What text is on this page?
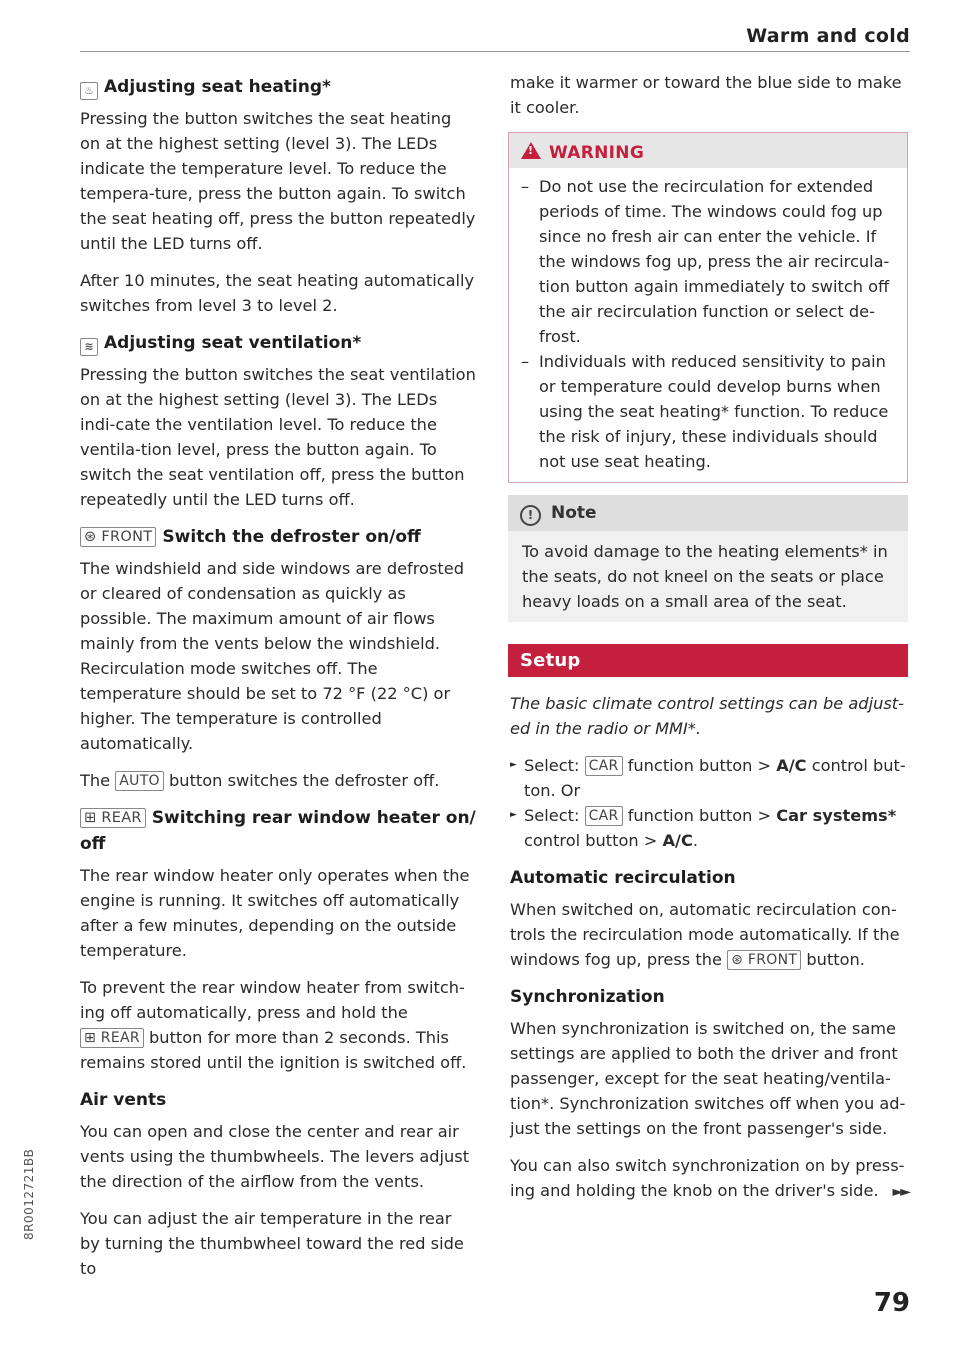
Warm and cold
♨ Adjusting seat heating*

Pressing the button switches the seat heating on at the highest setting (level 3). The LEDs indicate the temperature level. To reduce the tempera-ture, press the button again. To switch the seat heating off, press the button repeatedly until the LED turns off.

After 10 minutes, the seat heating automatically switches from level 3 to level 2.

≋ Adjusting seat ventilation*

Pressing the button switches the seat ventilation on at the highest setting (level 3). The LEDs indi-cate the ventilation level. To reduce the ventila-tion level, press the button again. To switch the seat ventilation off, press the button repeatedly until the LED turns off.

⊛ FRONT Switch the defroster on/off

The windshield and side windows are defrosted or cleared of condensation as quickly as possible. The maximum amount of air flows mainly from the vents below the windshield. Recirculation mode switches off. The temperature should be set to 72 °F (22 °C) or higher. The temperature is controlled automatically.

The AUTO button switches the defroster off.

⊞ REAR Switching rear window heater on/ off

The rear window heater only operates when the engine is running. It switches off automatically after a few minutes, depending on the outside temperature.

To prevent the rear window heater from switch-ing off automatically, press and hold the ⊞ REAR button for more than 2 seconds. This remains stored until the ignition is switched off.

Air vents

You can open and close the center and rear air vents using the thumbwheels. The levers adjust the direction of the airflow from the vents.

You can adjust the air temperature in the rear by turning the thumbwheel toward the red side to

make it warmer or toward the blue side to make it cooler.

!WARNING
– Do not use the recirculation for extended periods of time. The windows could fog up since no fresh air can enter the vehicle. If the windows fog up, press the air recircula-tion button again immediately to switch off the air recirculation function or select de-frost.
– Individuals with reduced sensitivity to pain or temperature could develop burns when using the seat heating* function. To reduce the risk of injury, these individuals should not use seat heating.
! Note
To avoid damage to the heating elements* in the seats, do not kneel on the seats or place heavy loads on a small area of the seat.
Setup

The basic climate control settings can be adjust-ed in the radio or MMI*.

► Select: CAR function button > A/C control but-ton. Or
► Select: CAR function button > Car systems* control button > A/C.
Automatic recirculation

When switched on, automatic recirculation con-trols the recirculation mode automatically. If the windows fog up, press the ⊛ FRONT button.

Synchronization

When synchronization is switched on, the same settings are applied to both the driver and front passenger, except for the seat heating/ventila-tion*. Synchronization switches off when you ad-just the settings on the front passenger's side.

You can also switch synchronization on by press-ing and holding the knob on the driver's side. ►►
79
8R0012721BB
